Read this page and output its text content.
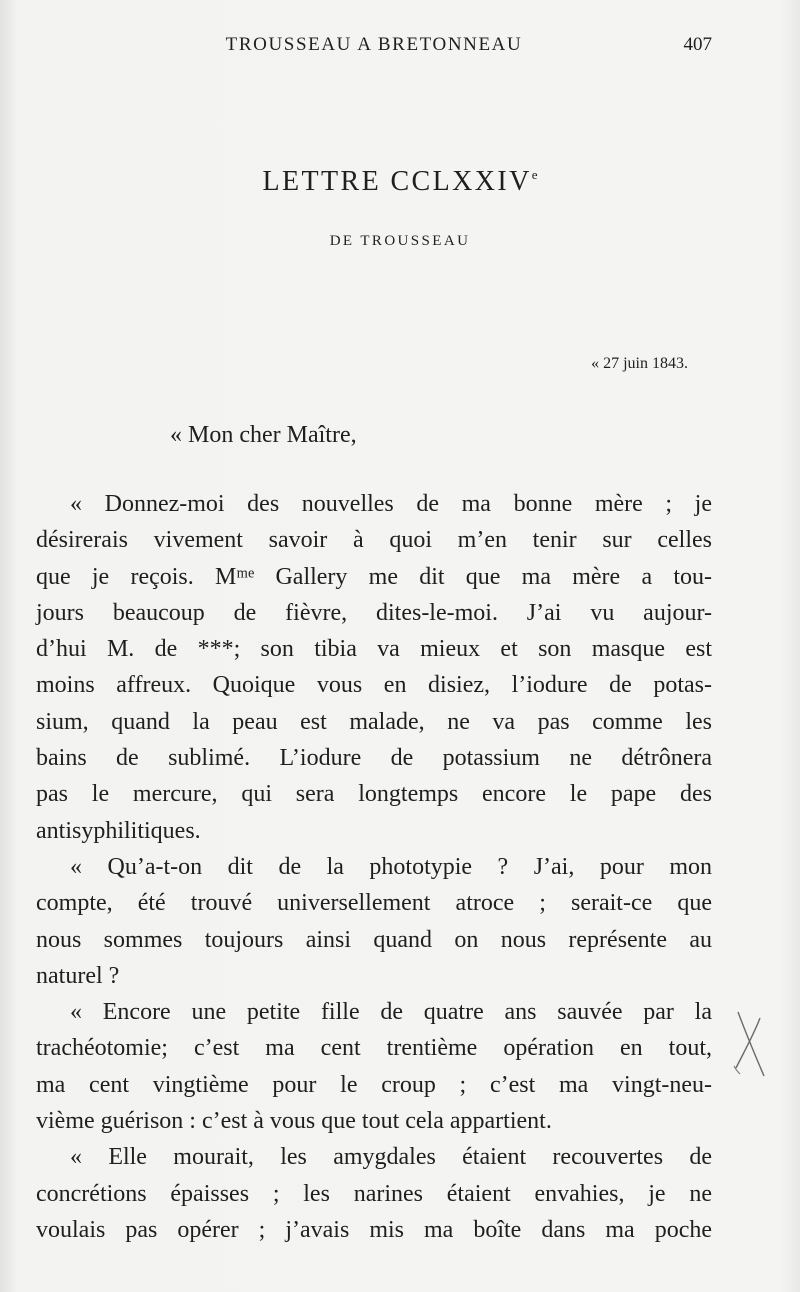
TROUSSEAU A BRETONNEAU	407
LETTRE CCLXXIVe
DE TROUSSEAU
« 27 juin 1843.
« Mon cher Maître,
« Donnez-moi des nouvelles de ma bonne mère ; je
désirerais vivement savoir à quoi m’en tenir sur celles
que je reçois. Mᵐᵉ Gallery me dit que ma mère a tou-
jours beaucoup de fièvre, dites-le-moi. J’ai vu aujour-
d’hui M. de ***; son tibia va mieux et son masque est
moins affreux. Quoique vous en disiez, l’iodure de potas-
sium, quand la peau est malade, ne va pas comme les
bains de sublimé. L’iodure de potassium ne détrônera
pas le mercure, qui sera longtemps encore le pape des
antisyphilitiques.
« Qu’a-t-on dit de la phototypie ? J’ai, pour mon
compte, été trouvé universellement atroce ; serait-ce que
nous sommes toujours ainsi quand on nous représente au
naturel ?
« Encore une petite fille de quatre ans sauvée par la
trachéotomie; c’est ma cent trentième opération en tout,
ma cent vingtième pour le croup ; c’est ma vingt-neu-
vième guérison : c’est à vous que tout cela appartient.
« Elle mourait, les amygdales étaient recouvertes de
concrétions épaisses ; les narines étaient envahies, je ne
voulais pas opérer ; j’avais mis ma boîte dans ma poche
